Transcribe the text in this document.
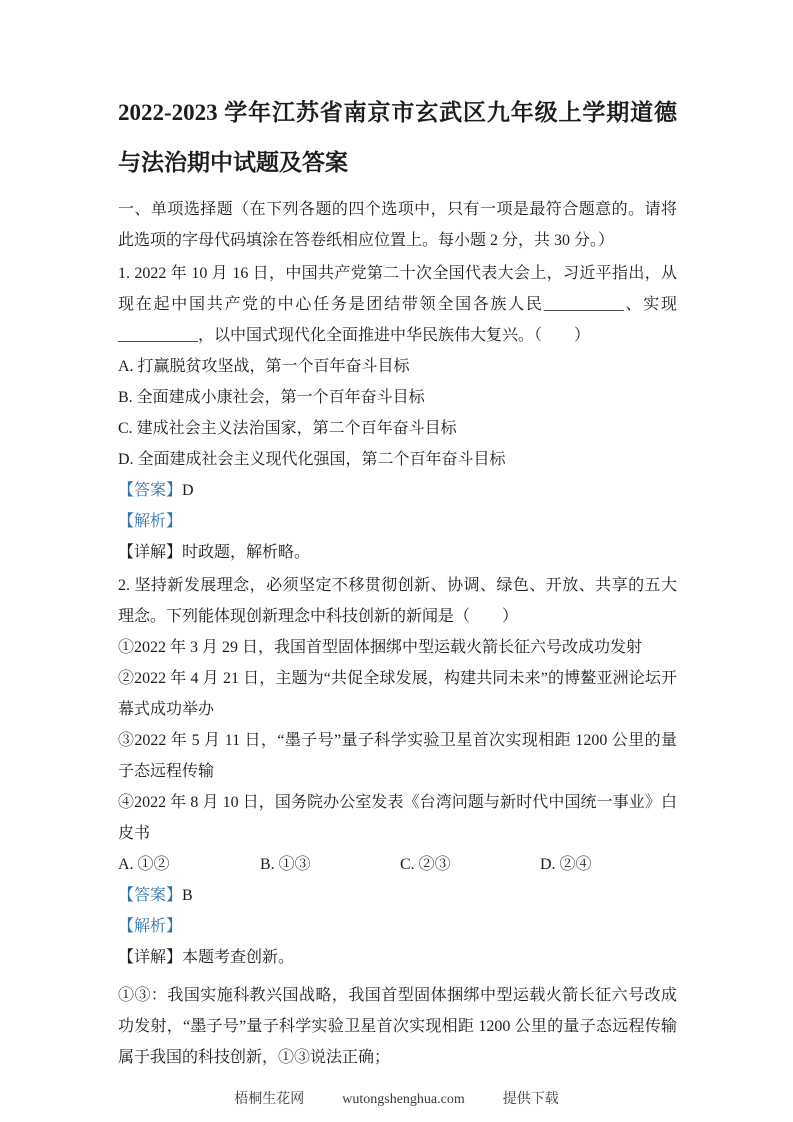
2022-2023 学年江苏省南京市玄武区九年级上学期道德与法治期中试题及答案

一、单项选择题（在下列各题的四个选项中，只有一项是最符合题意的。请将此选项的字母代码填涂在答卷纸相应位置上。每小题 2 分，共 30 分。）

1. 2022 年 10 月 16 日，中国共产党第二十次全国代表大会上，习近平指出，从现在起中国共产党的中心任务是团结带领全国各族人民__________、实现__________，以中国式现代化全面推进中华民族伟大复兴。（　　）

A. 打赢脱贫攻坚战，第一个百年奋斗目标

B. 全面建成小康社会，第一个百年奋斗目标

C. 建成社会主义法治国家，第二个百年奋斗目标

D. 全面建成社会主义现代化强国，第二个百年奋斗目标

【答案】D

【解析】

【详解】时政题，解析略。

2. 坚持新发展理念，必须坚定不移贯彻创新、协调、绿色、开放、共享的五大理念。下列能体现创新理念中科技创新的新闻是（　　）

①2022 年 3 月 29 日，我国首型固体捆绑中型运载火箭长征六号改成功发射

②2022 年 4 月 21 日，主题为“共促全球发展，构建共同未来”的博鳌亚洲论坛开幕式成功举办

③2022 年 5 月 11 日，“墨子号”量子科学实验卫星首次实现相距 1200 公里的量子态远程传输

④2022 年 8 月 10 日，国务院办公室发表《台湾问题与新时代中国统一事业》白皮书

A. ①②	B. ①③	C. ②③	D. ②④

【答案】B

【解析】

【详解】本题考查创新。

①③：我国实施科教兴国战略，我国首型固体捆绑中型运载火箭长征六号改成功发射，“墨子号”量子科学实验卫星首次实现相距 1200 公里的量子态远程传输属于我国的科技创新，①③说法正确；

梧桐生花网	wutongshenghua.com	提供下载
